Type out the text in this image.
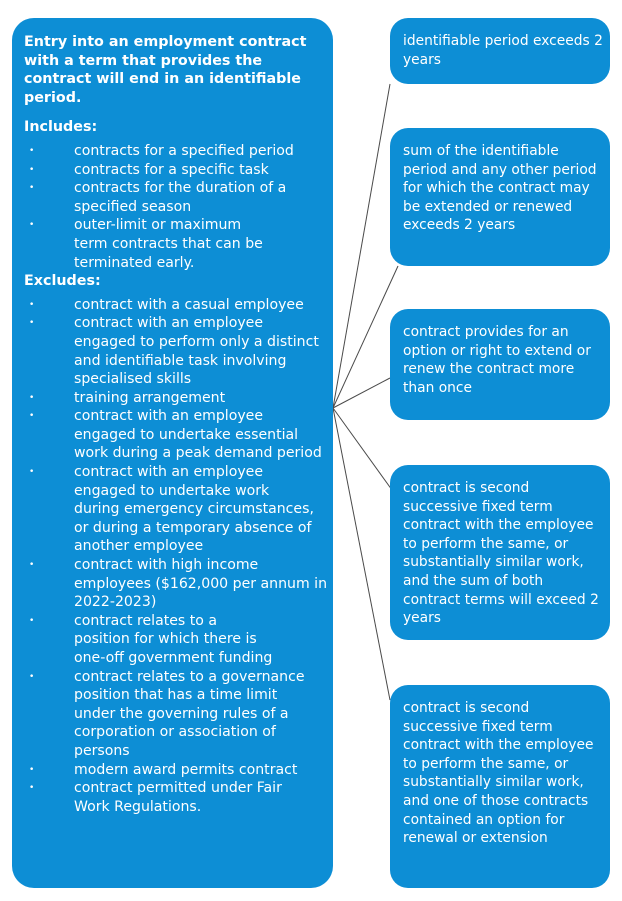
Entry into an employment contract with a term that provides the contract will end in an identifiable period.
Includes:
•	contracts for a specified period
•	contracts for a specific task
•	contracts for the duration of a specified season
•	outer-limit or maximum term contracts that can be terminated early.
Excludes:
•	contract with a casual employee
•	contract with an employee engaged to perform only a distinct and identifiable task involving specialised skills
•	training arrangement
•	contract with an employee engaged to undertake essential work during a peak demand period
•	contract with an employee engaged to undertake work during emergency circumstances, or during a temporary absence of another employee
•	contract with high income employees ($162,000 per annum in 2022-2023)
•	contract relates to a position for which there is one-off government funding
•	contract relates to a governance position that has a time limit under the governing rules of a corporation or association of persons
•	modern award permits contract
•	contract permitted under Fair Work Regulations.
identifiable period exceeds 2 years
sum of the identifiable period and any other period for which the contract may be extended or renewed exceeds 2 years
contract provides for an option or right to extend or renew the contract more than once
contract is second successive fixed term contract with the employee to perform the same, or substantially similar work, and the sum of both contract terms will exceed 2 years
contract is second successive fixed term contract with the employee to perform the same, or substantially similar work, and one of those contracts contained an option for renewal or extension
